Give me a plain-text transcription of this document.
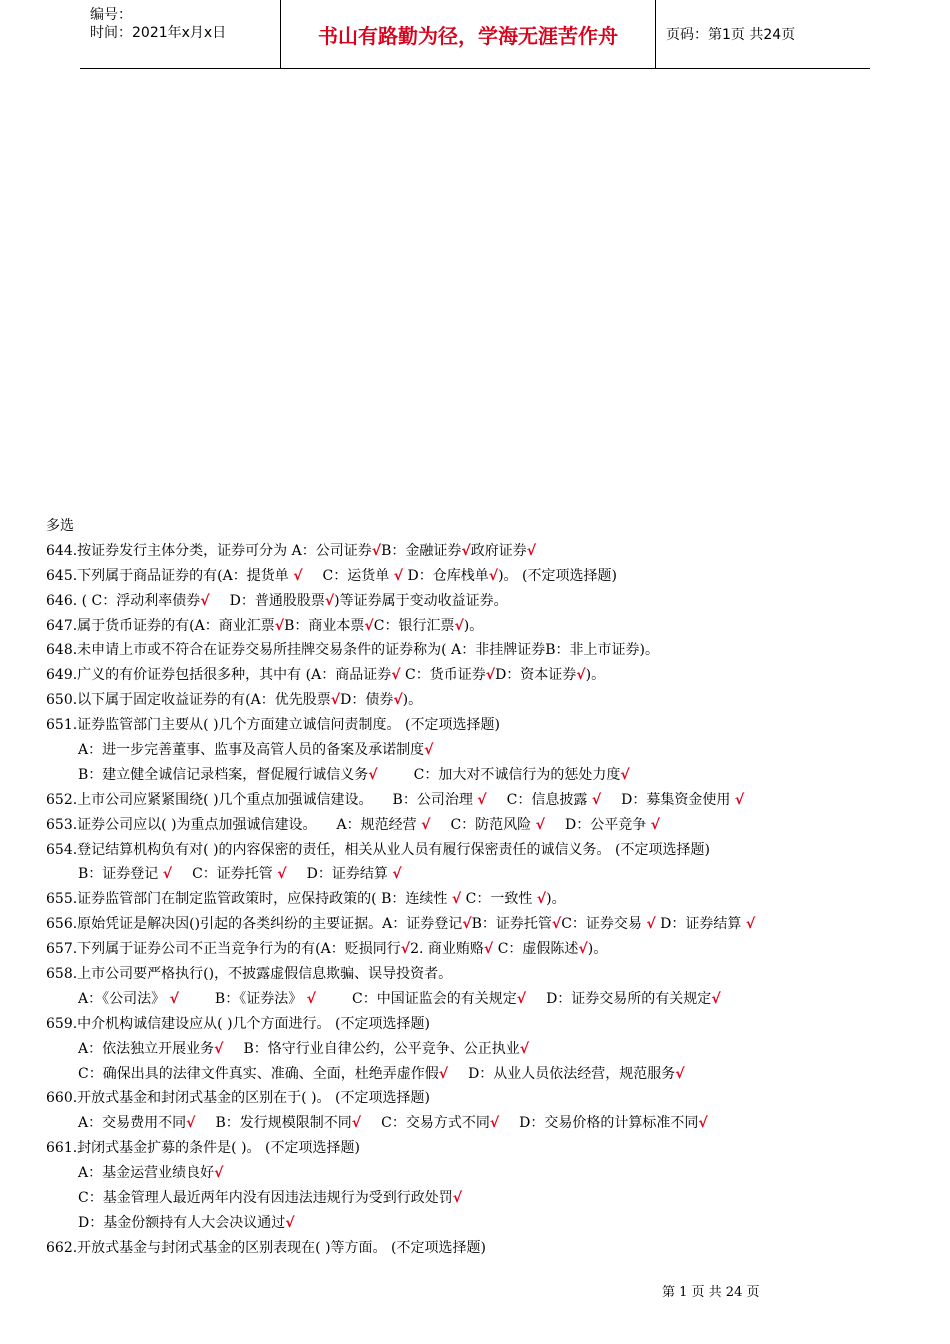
编号：
时间：2021年x月x日	书山有路勤为径，学海无涯苦作舟	页码：第1页 共24页
多选
644.按证券发行主体分类，证券可分为 A：公司证券√B：金融证券√政府证券√
645.下列属于商品证券的有(A：提货单 √ C：运货单 √ D：仓库栈单√)。 (不定项选择题)
646. ( C：浮动利率债券√ D：普通股股票√)等证券属于变动收益证券。
647.属于货币证券的有(A：商业汇票√B：商业本票√C：银行汇票√)。
648.未申请上市或不符合在证券交易所挂牌交易条件的证券称为( A：非挂牌证券B：非上市证券)。
649.广义的有价证券包括很多种，其中有 (A：商品证券√ C：货币证券√D：资本证券√)。
650.以下属于固定收益证券的有(A：优先股票√D：债券√)。
651.证券监管部门主要从( )几个方面建立诚信问责制度。 (不定项选择题)
A：进一步完善董事、监事及高管人员的备案及承诺制度√
B：建立健全诚信记录档案，督促履行诚信义务√	C：加大对不诚信行为的惩处力度√
652.上市公司应紧紧围绕( )几个重点加强诚信建设。 B：公司治理 √ C：信息披露 √ D：募集资金使用 √
653.证券公司应以( )为重点加强诚信建设。 A：规范经营 √ C：防范风险 √ D：公平竞争 √
654.登记结算机构负有对( )的内容保密的责任，相关从业人员有履行保密责任的诚信义务。 (不定项选择题)
B：证券登记 √ C：证券托管 √ D：证券结算 √
655.证券监管部门在制定监管政策时，应保持政策的( B：连续性 √ C：一致性 √)。
656.原始凭证是解决因()引起的各类纠纷的主要证据。A：证券登记√B：证券托管√C：证券交易 √ D：证券结算 √
657.下列属于证券公司不正当竞争行为的有(A：贬损同行√2. 商业贿赂√ C：虚假陈述√)。
658.上市公司要严格执行()，不披露虚假信息欺骗、误导投资者。
A：《公司法》 √	B：《证券法》 √	C：中国证监会的有关规定√ D：证券交易所的有关规定√
659.中介机构诚信建设应从( )几个方面进行。 (不定项选择题)
A：依法独立开展业务√ B：恪守行业自律公约，公平竞争、公正执业√
C：确保出具的法律文件真实、准确、全面，杜绝弄虚作假√ D：从业人员依法经营，规范服务√
660.开放式基金和封闭式基金的区别在于( )。 (不定项选择题)
A：交易费用不同√ B：发行规模限制不同√ C：交易方式不同√ D：交易价格的计算标准不同√
661.封闭式基金扩募的条件是( )。 (不定项选择题)
A：基金运营业绩良好√
C：基金管理人最近两年内没有因违法违规行为受到行政处罚√
D：基金份额持有人大会决议通过√
662.开放式基金与封闭式基金的区别表现在( )等方面。 (不定项选择题)
第 1 页 共 24 页
